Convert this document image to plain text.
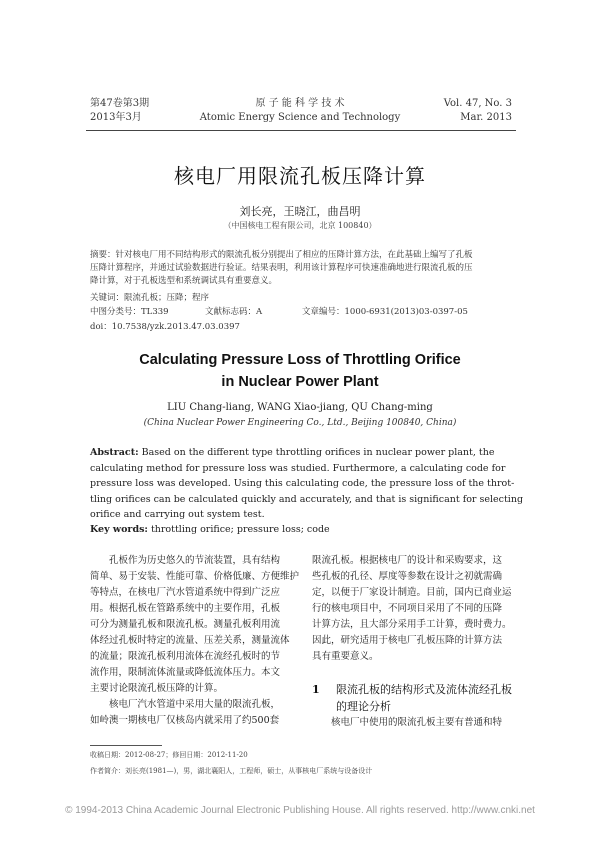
第47卷第3期
2013年3月
原 子 能 科 学 技 术
Atomic Energy Science and Technology
Vol. 47, No. 3
Mar. 2013
核电厂用限流孔板压降计算
刘长亮，王晓江，曲昌明
（中国核电工程有限公司，北京 100840）
摘要：针对核电厂用不同结构形式的限流孔板分别提出了相应的压降计算方法，在此基础上编写了孔板
压降计算程序，并通过试验数据进行验证。结果表明，利用该计算程序可快速准确地进行限流孔板的压
降计算，对于孔板选型和系统调试具有重要意义。
关键词：限流孔板；压降；程序
中图分类号：TL339	文献标志码：A	文章编号：1000-6931(2013)03-0397-05
doi：10.7538/yzk.2013.47.03.0397
Calculating Pressure Loss of Throttling Orifice
in Nuclear Power Plant
LIU Chang-liang, WANG Xiao-jiang, QU Chang-ming
(China Nuclear Power Engineering Co., Ltd., Beijing 100840, China)
Abstract: Based on the different type throttling orifices in nuclear power plant, the
calculating method for pressure loss was studied. Furthermore, a calculating code for
pressure loss was developed. Using this calculating code, the pressure loss of the throt-
tling orifices can be calculated quickly and accurately, and that is significant for selecting
orifice and carrying out system test.
Key words: throttling orifice; pressure loss; code
　　孔板作为历史悠久的节流装置，具有结构
简单、易于安装、性能可靠、价格低廉、方便维护
等特点，在核电厂汽水管道系统中得到广泛应
用。根据孔板在管路系统中的主要作用，孔板
可分为测量孔板和限流孔板。测量孔板利用流
体经过孔板时特定的流量、压差关系，测量流体
的流量；限流孔板利用流体在流经孔板时的节
流作用，限制流体流量或降低流体压力。本文
主要讨论限流孔板压降的计算。
　　核电厂汽水管道中采用大量的限流孔板，
如岭澳一期核电厂仅核岛内就采用了约500套
限流孔板。根据核电厂的设计和采购要求，这
些孔板的孔径、厚度等参数在设计之初就需确
定，以便于厂家设计制造。目前，国内已商业运
行的核电项目中，不同项目采用了不同的压降
计算方法，且大部分采用手工计算，费时费力。
因此，研究适用于核电厂孔板压降的计算方法
具有重要意义。
1 限流孔板的结构形式及流体流经孔板的理论分析
　　核电厂中使用的限流孔板主要有普通和特
收稿日期：2012-08-27；修回日期：2012-11-20
作者简介：刘长亮(1981—)，男，湖北襄阳人，工程师，硕士，从事核电厂系统与设备设计
© 1994-2013 China Academic Journal Electronic Publishing House. All rights reserved. http://www.cnki.net
